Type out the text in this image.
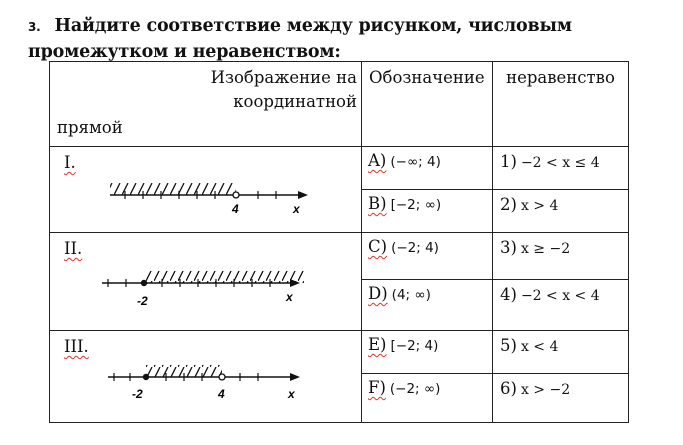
3. Найдите соответствие между рисунком, числовым промежутком и неравенством:
Изображение на
координатной
прямой	Обозначение	неравенство

I.
4 x	A) (−∞; 4)	1) −2 < x ≤ 4
	B) [−2; ∞)	2) x > 4

II.
-2 x	C) (−2; 4)	3) x ≥ −2
	D) (4; ∞)	4) −2 < x < 4

III.
-2 4 x	E) [−2; 4)	5) x < 4
	F) (−2; ∞)	6) x > −2
